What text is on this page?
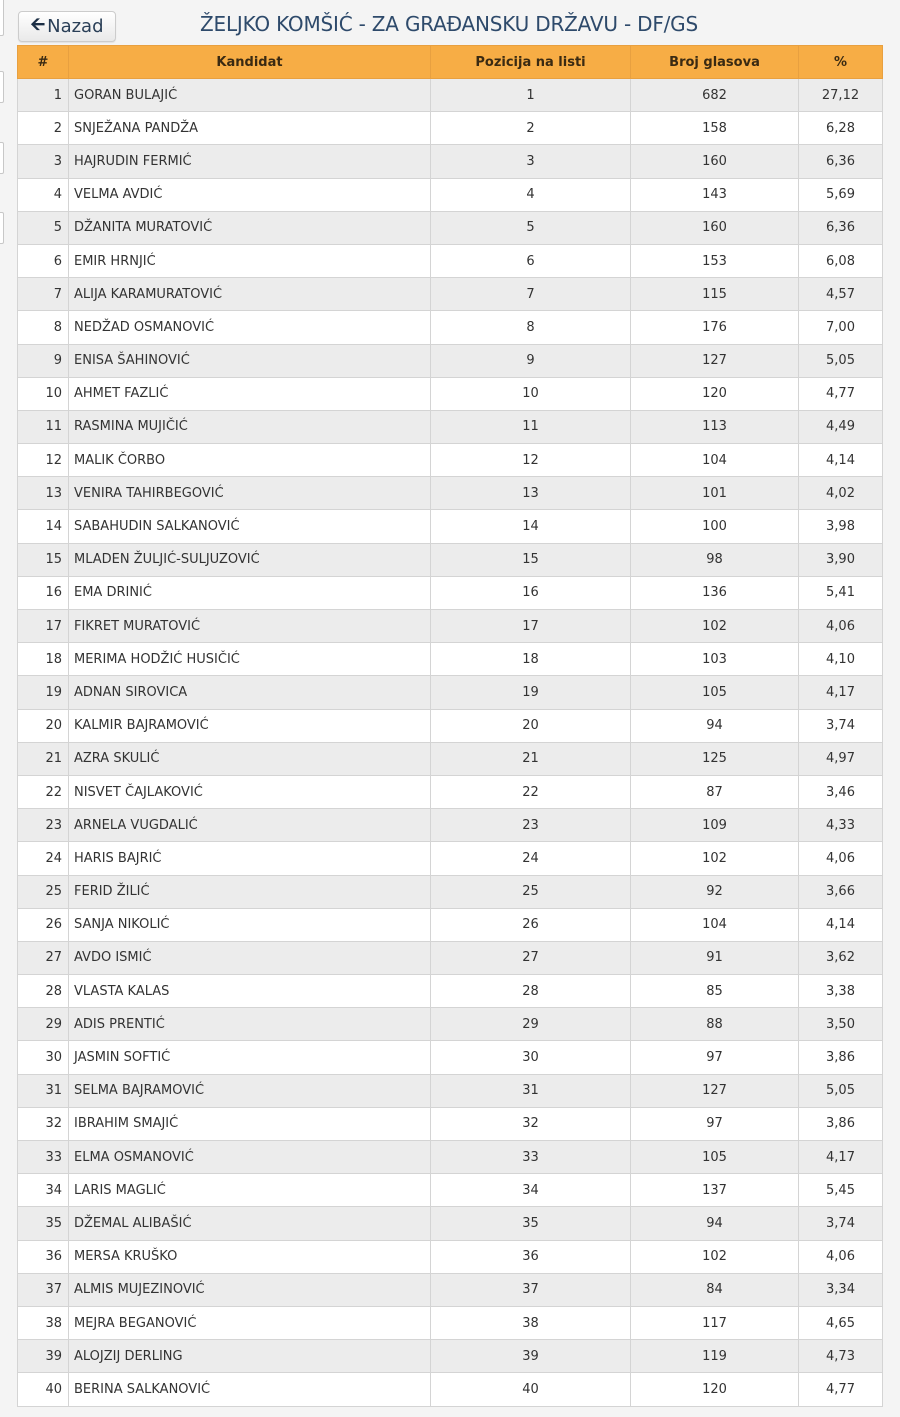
🡨 Nazad	ŽELJKO KOMŠIĆ - ZA GRAĐANSKU DRŽAVU - DF/GS
#	Kandidat	Pozicija na listi	Broj glasova	%
1	GORAN BULAJIĆ	1	682	27,12
2	SNJEŽANA PANDŽA	2	158	6,28
3	HAJRUDIN FERMIĆ	3	160	6,36
4	VELMA AVDIĆ	4	143	5,69
5	DŽANITA MURATOVIĆ	5	160	6,36
6	EMIR HRNJIĆ	6	153	6,08
7	ALIJA KARAMURATOVIĆ	7	115	4,57
8	NEDŽAD OSMANOVIĆ	8	176	7,00
9	ENISA ŠAHINOVIĆ	9	127	5,05
10	AHMET FAZLIĆ	10	120	4,77
11	RASMINA MUJIČIĆ	11	113	4,49
12	MALIK ČORBO	12	104	4,14
13	VENIRA TAHIRBEGOVIĆ	13	101	4,02
14	SABAHUDIN SALKANOVIĆ	14	100	3,98
15	MLADEN ŽULJIĆ-SULJUZOVIĆ	15	98	3,90
16	EMA DRINIĆ	16	136	5,41
17	FIKRET MURATOVIĆ	17	102	4,06
18	MERIMA HODŽIĆ HUSIČIĆ	18	103	4,10
19	ADNAN SIROVICA	19	105	4,17
20	KALMIR BAJRAMOVIĆ	20	94	3,74
21	AZRA SKULIĆ	21	125	4,97
22	NISVET ČAJLAKOVIĆ	22	87	3,46
23	ARNELA VUGDALIĆ	23	109	4,33
24	HARIS BAJRIĆ	24	102	4,06
25	FERID ŽILIĆ	25	92	3,66
26	SANJA NIKOLIĆ	26	104	4,14
27	AVDO ISMIĆ	27	91	3,62
28	VLASTA KALAS	28	85	3,38
29	ADIS PRENTIĆ	29	88	3,50
30	JASMIN SOFTIĆ	30	97	3,86
31	SELMA BAJRAMOVIĆ	31	127	5,05
32	IBRAHIM SMAJIĆ	32	97	3,86
33	ELMA OSMANOVIĆ	33	105	4,17
34	LARIS MAGLIĆ	34	137	5,45
35	DŽEMAL ALIBAŠIĆ	35	94	3,74
36	MERSA KRUŠKO	36	102	4,06
37	ALMIS MUJEZINOVIĆ	37	84	3,34
38	MEJRA BEGANOVIĆ	38	117	4,65
39	ALOJZIJ DERLING	39	119	4,73
40	BERINA SALKANOVIĆ	40	120	4,77
